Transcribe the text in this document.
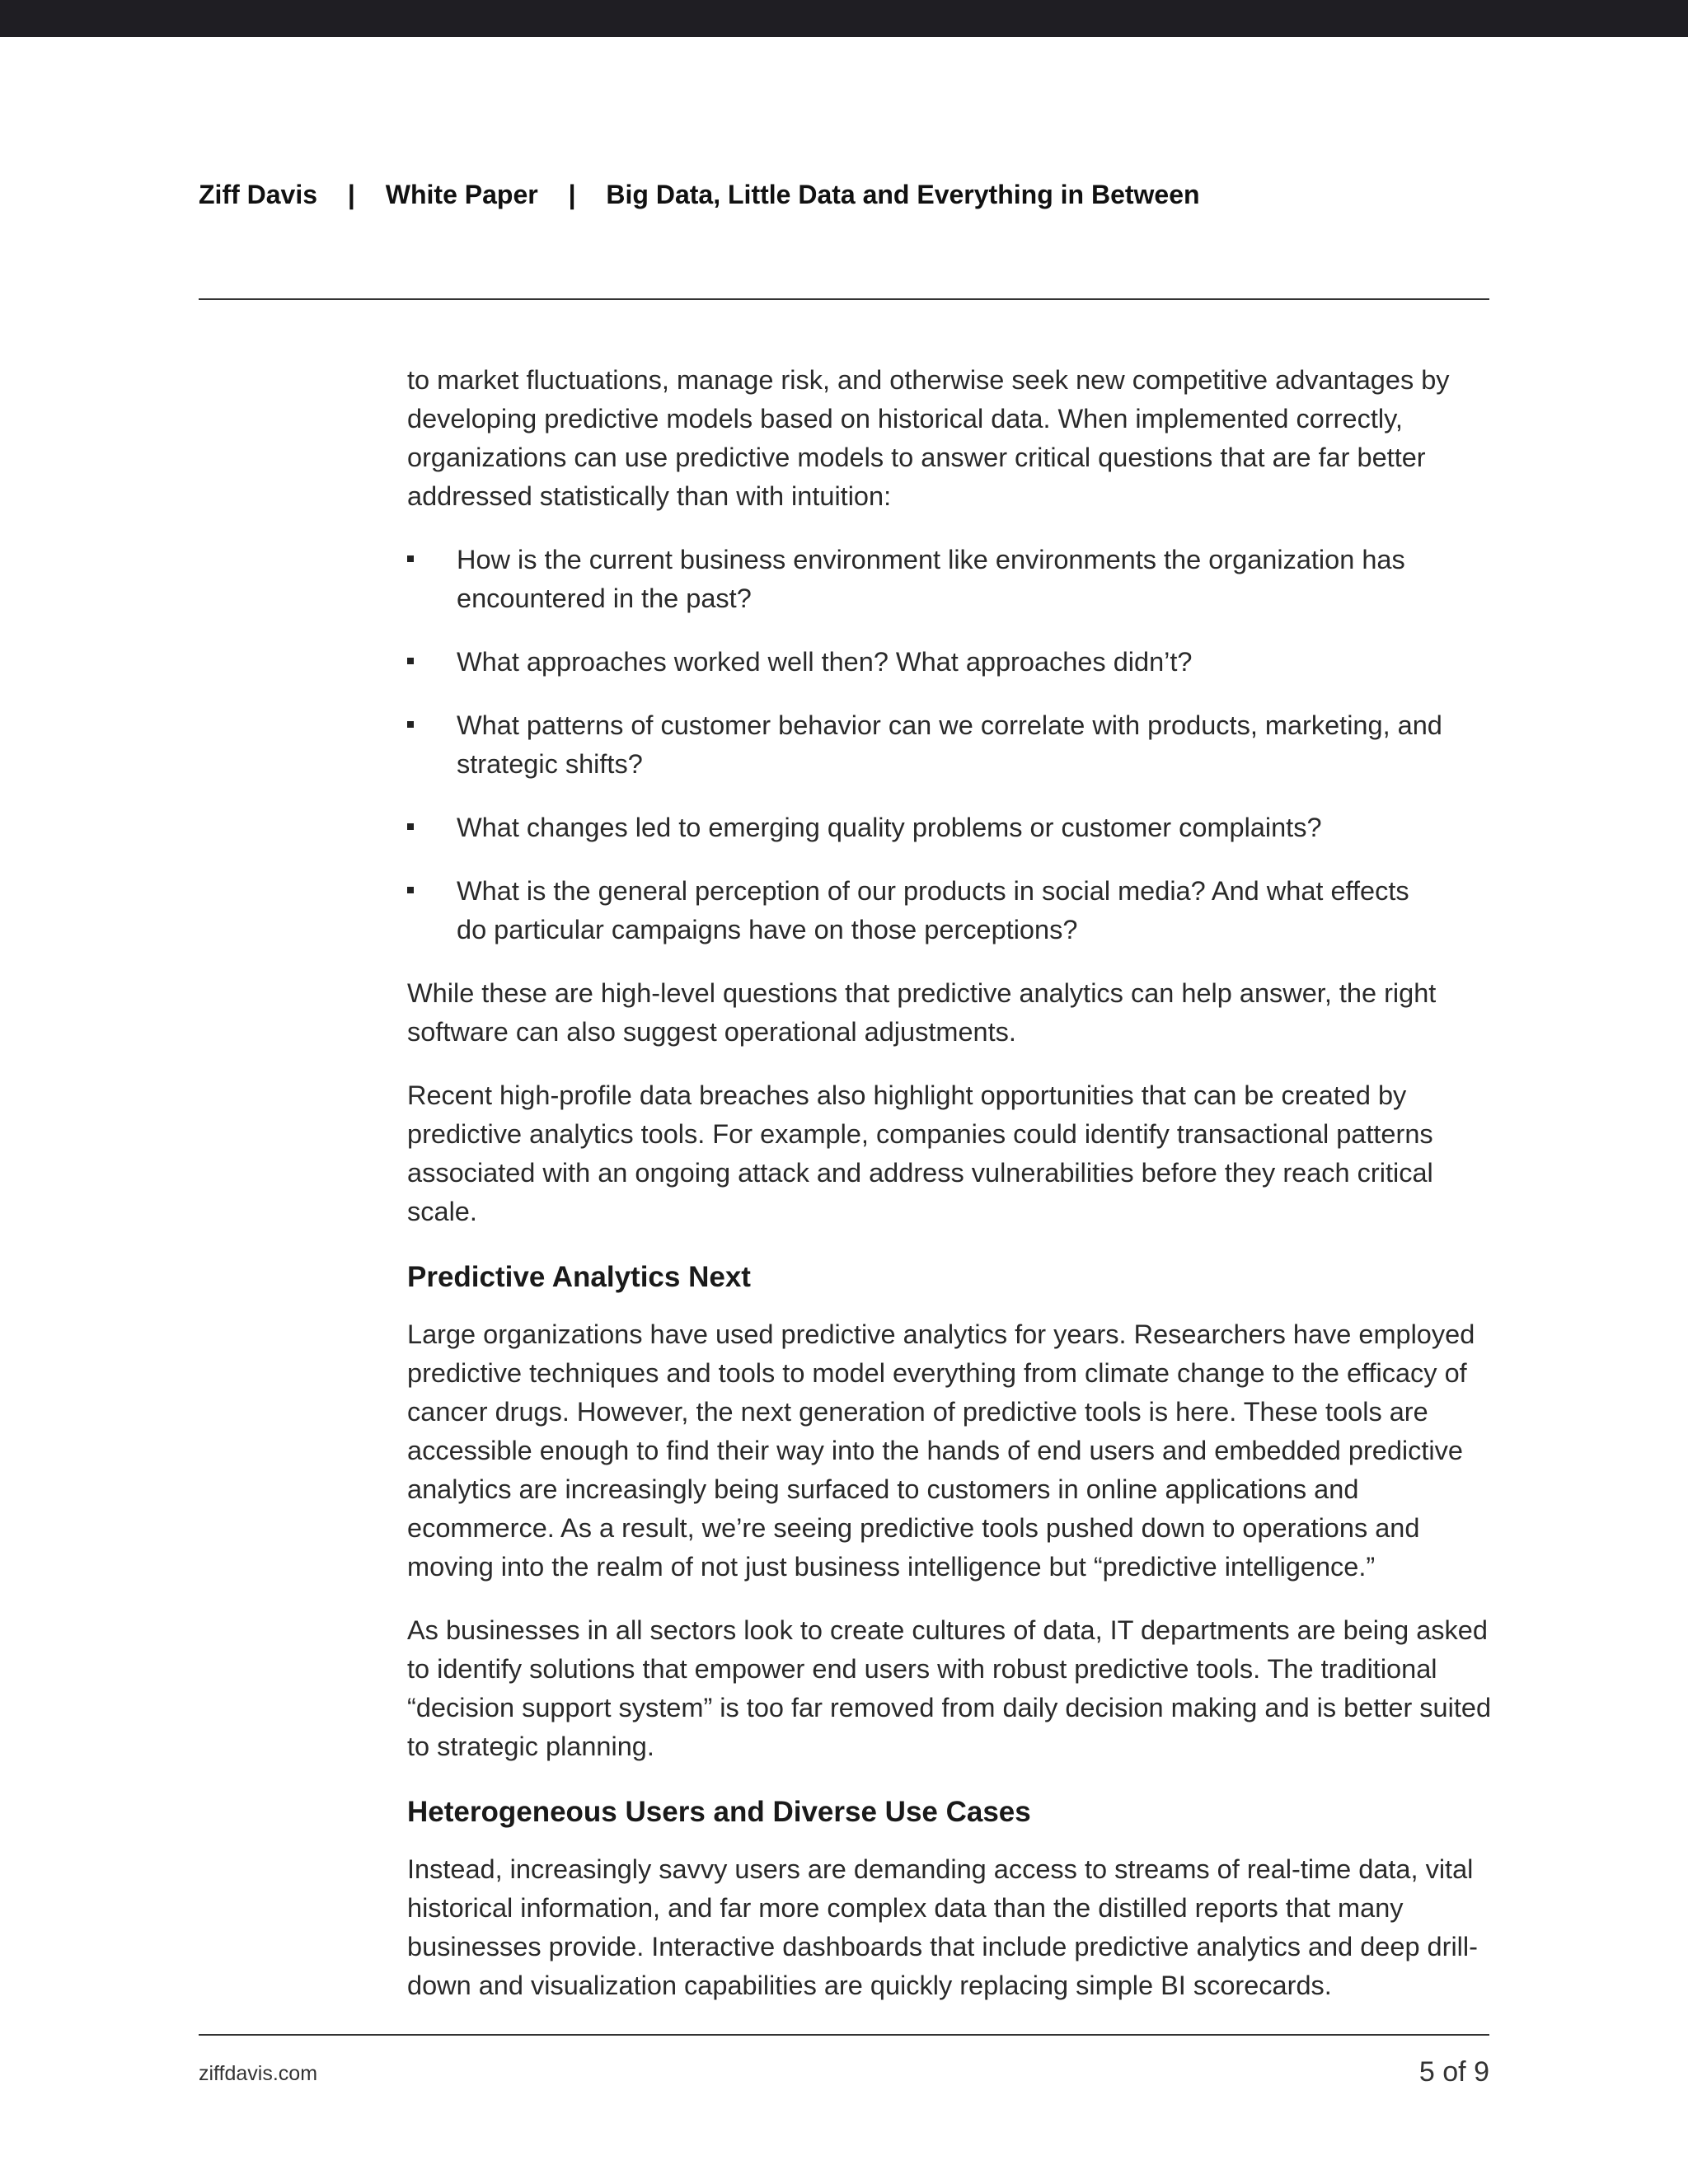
Ziff Davis | White Paper | Big Data, Little Data and Everything in Between

to market fluctuations, manage risk, and otherwise seek new competitive advantages by developing predictive models based on historical data. When implemented correctly, organizations can use predictive models to answer critical questions that are far better addressed statistically than with intuition:

How is the current business environment like environments the organization has encountered in the past?
What approaches worked well then? What approaches didn’t?
What patterns of customer behavior can we correlate with products, marketing, and strategic shifts?
What changes led to emerging quality problems or customer complaints?
What is the general perception of our products in social media? And what effects do particular campaigns have on those perceptions?

While these are high-level questions that predictive analytics can help answer, the right software can also suggest operational adjustments.

Recent high-profile data breaches also highlight opportunities that can be created by predictive analytics tools. For example, companies could identify transactional patterns associated with an ongoing attack and address vulnerabilities before they reach critical scale.

Predictive Analytics Next

Large organizations have used predictive analytics for years. Researchers have employed predictive techniques and tools to model everything from climate change to the efficacy of cancer drugs. However, the next generation of predictive tools is here. These tools are accessible enough to find their way into the hands of end users and embedded predictive analytics are increasingly being surfaced to customers in online applications and ecommerce. As a result, we’re seeing predictive tools pushed down to operations and moving into the realm of not just business intelligence but “predictive intelligence.”

As businesses in all sectors look to create cultures of data, IT departments are being asked to identify solutions that empower end users with robust predictive tools. The traditional “decision support system” is too far removed from daily decision making and is better suited to strategic planning.

Heterogeneous Users and Diverse Use Cases

Instead, increasingly savvy users are demanding access to streams of real-time data, vital historical information, and far more complex data than the distilled reports that many businesses provide. Interactive dashboards that include predictive analytics and deep drill-down and visualization capabilities are quickly replacing simple BI scorecards.

ziffdavis.com	5 of 9
